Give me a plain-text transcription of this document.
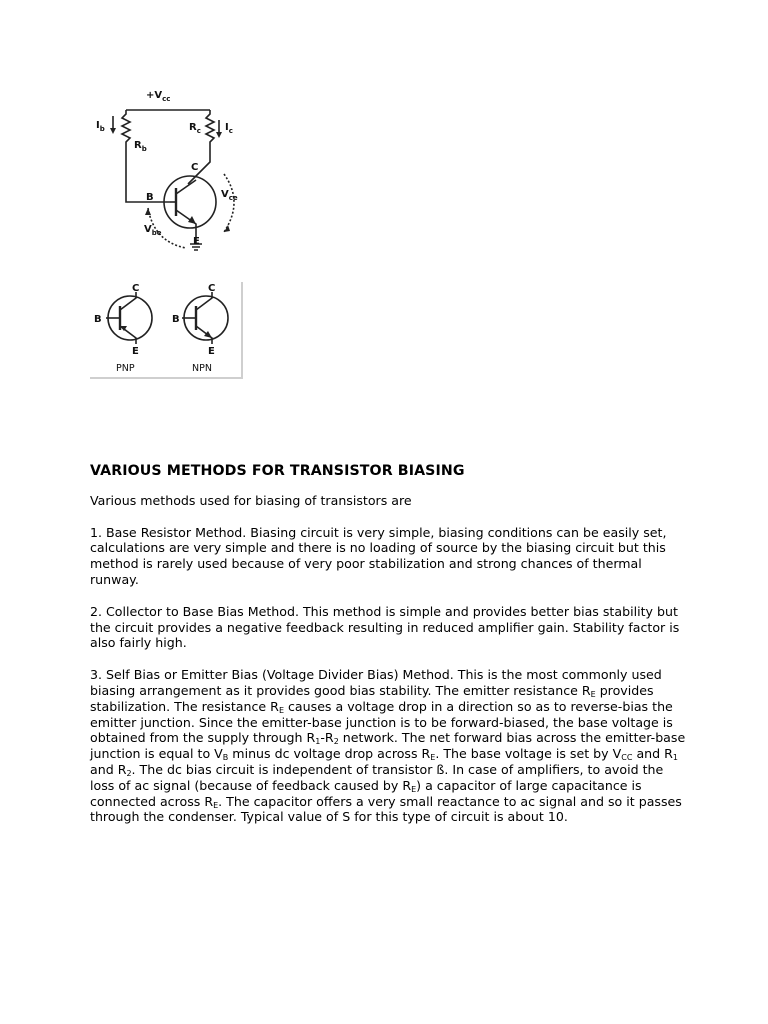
$+V_{cc}$
$I_b$
$R_b$
$R_c$ $I_c$
C
B
E
$V_{ce}$
$V_{be}$
C
B
E
PNP
C
B
E
NPN
VARIOUS METHODS FOR TRANSISTOR BIASING

Various methods used for biasing of transistors are

1. Base Resistor Method. Biasing circuit is very simple, biasing conditions can be easily set, calculations are very simple and there is no loading of source by the biasing circuit but this method is rarely used because of very poor stabilization and strong chances of thermal runway.

2. Collector to Base Bias Method. This method is simple and provides better bias stability but the circuit provides a negative feedback resulting in reduced amplifier gain. Stability factor is also fairly high.

3. Self Bias or Emitter Bias (Voltage Divider Bias) Method. This is the most commonly used biasing arrangement as it provides good bias stability. The emitter resistance $R_E$ provides stabilization. The resistance $R_E$ causes a voltage drop in a direction so as to reverse-bias the emitter junction. Since the emitter-base junction is to be forward-biased, the base voltage is obtained from the supply through $R_1-R_2$ network. The net forward bias across the emitter-base junction is equal to $V_B$ minus dc voltage drop across $R_E$. The base voltage is set by $V_{CC}$ and $R_1$ and $R_2$. The dc bias circuit is independent of transistor ß. In case of amplifiers, to avoid the loss of ac signal (because of feedback caused by $R_E$) a capacitor of large capacitance is connected across $R_E$. The capacitor offers a very small reactance to ac signal and so it passes through the condenser. Typical value of S for this type of circuit is about 10.
